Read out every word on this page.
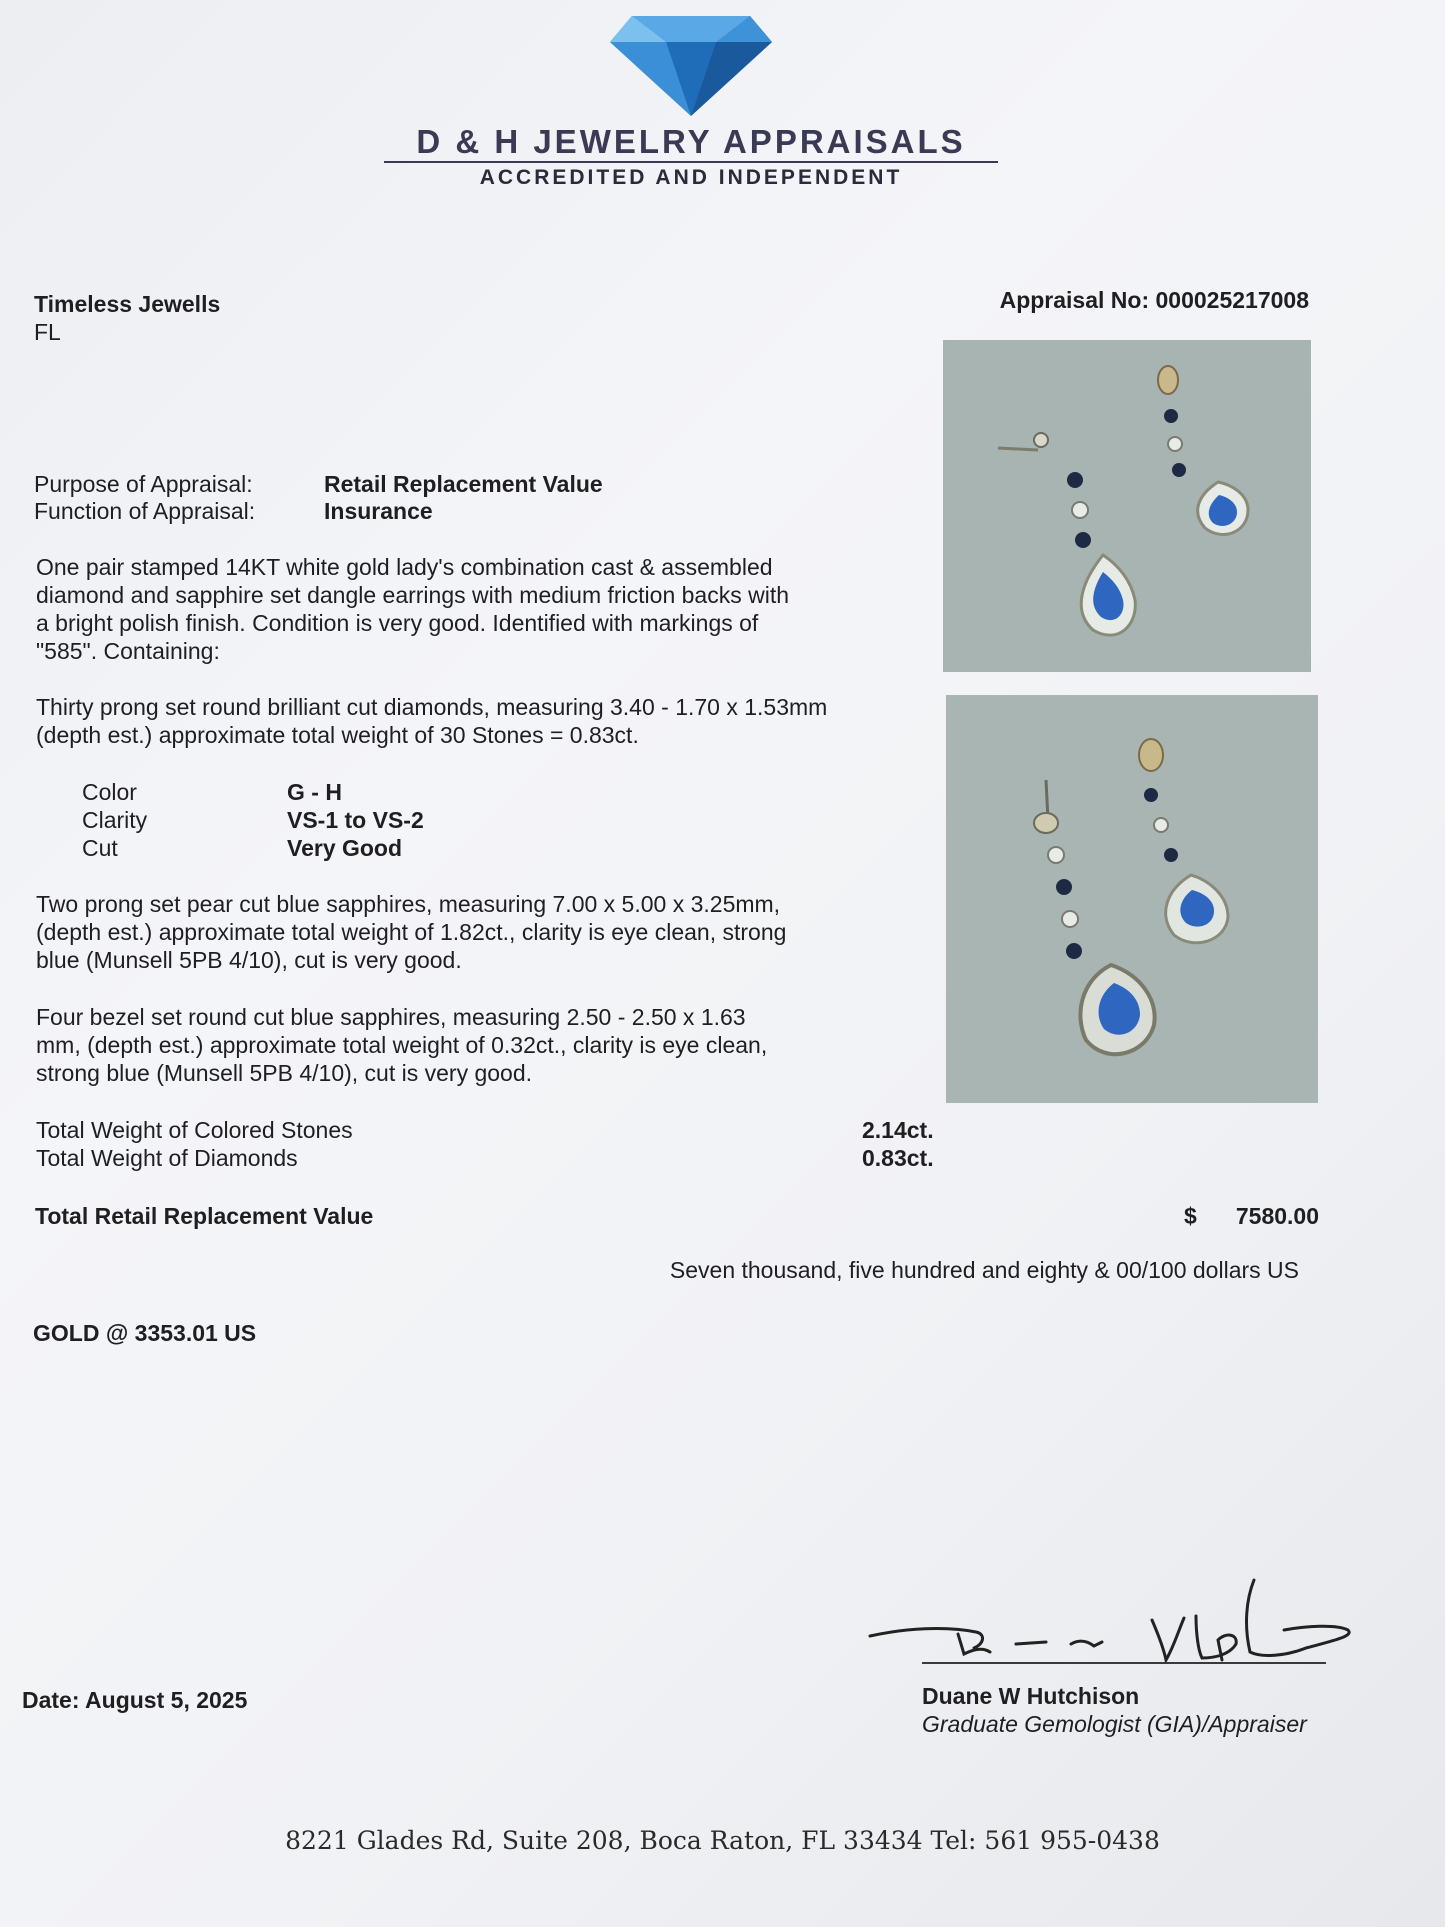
D & H JEWELRY APPRAISALS
ACCREDITED AND INDEPENDENT
Timeless Jewells
FL
Appraisal No: 000025217008
Purpose of Appraisal:	Retail Replacement Value
Function of Appraisal:	Insurance
One pair stamped 14KT white gold lady's combination cast & assembled
diamond and sapphire set dangle earrings with medium friction backs with
a bright polish finish. Condition is very good. Identified with markings of
"585". Containing:
Thirty prong set round brilliant cut diamonds, measuring 3.40 - 1.70 x 1.53mm
(depth est.) approximate total weight of 30 Stones = 0.83ct.
Color	G - H
Clarity	VS-1 to VS-2
Cut	Very Good
Two prong set pear cut blue sapphires, measuring 7.00 x 5.00 x 3.25mm,
(depth est.) approximate total weight of 1.82ct., clarity is eye clean, strong
blue (Munsell 5PB 4/10), cut is very good.
Four bezel set round cut blue sapphires, measuring 2.50 - 2.50 x 1.63
mm, (depth est.) approximate total weight of 0.32ct., clarity is eye clean,
strong blue (Munsell 5PB 4/10), cut is very good.
Total Weight of Colored Stones	2.14ct.
Total Weight of Diamonds	0.83ct.
Total Retail Replacement Value	$ 7580.00
Seven thousand, five hundred and eighty & 00/100 dollars US
GOLD @ 3353.01 US
Date: August 5, 2025	Duane W Hutchison
Graduate Gemologist (GIA)/Appraiser
8221 Glades Rd, Suite 208, Boca Raton, FL 33434 Tel: 561 955-0438
